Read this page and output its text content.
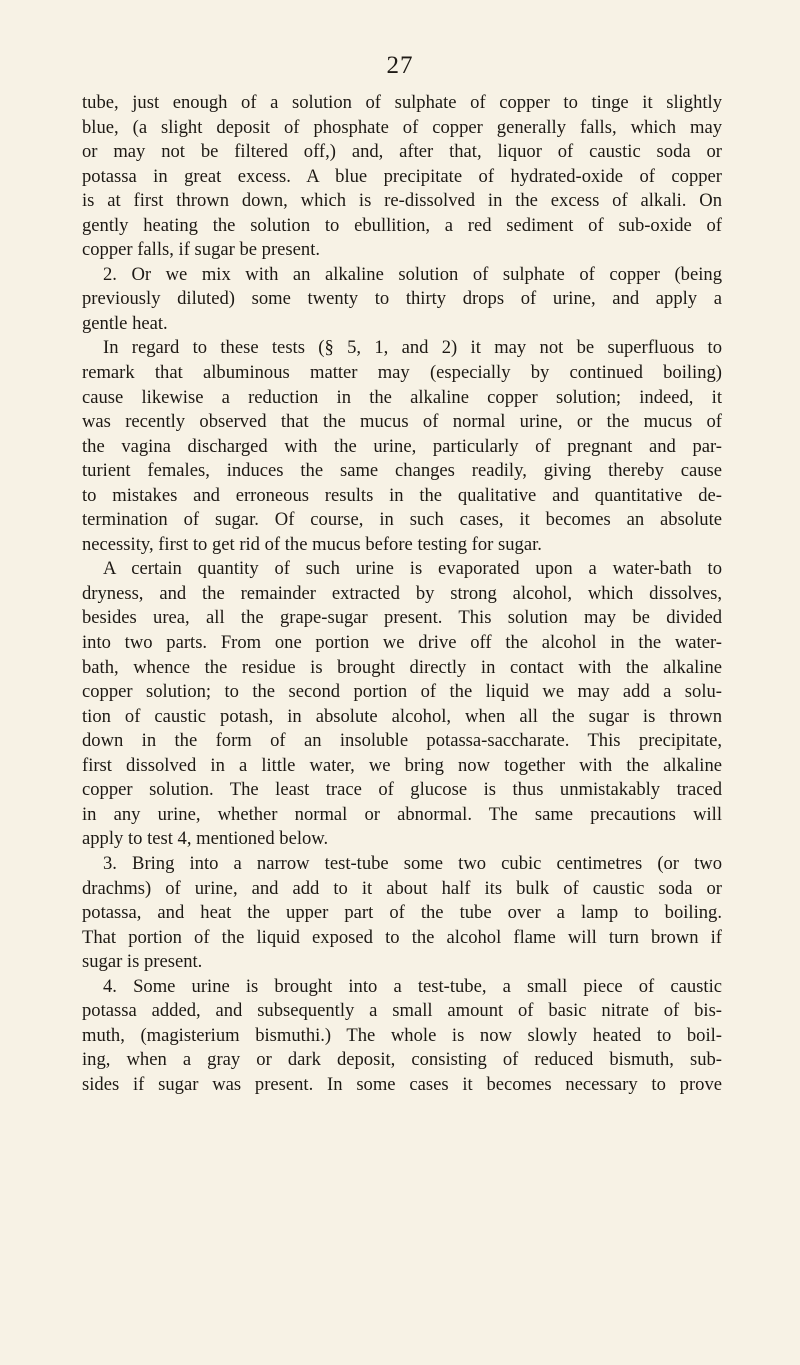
27

tube, just enough of a solution of sulphate of copper to tinge it slightly
blue, (a slight deposit of phosphate of copper generally falls, which may
or may not be filtered off,) and, after that, liquor of caustic soda or
potassa in great excess. A blue precipitate of hydrated-oxide of copper
is at first thrown down, which is re-dissolved in the excess of alkali. On
gently heating the solution to ebullition, a red sediment of sub-oxide of
copper falls, if sugar be present.

2. Or we mix with an alkaline solution of sulphate of copper (being
previously diluted) some twenty to thirty drops of urine, and apply a
gentle heat.

In regard to these tests (§ 5, 1, and 2) it may not be superfluous to
remark that albuminous matter may (especially by continued boiling)
cause likewise a reduction in the alkaline copper solution; indeed, it
was recently observed that the mucus of normal urine, or the mucus of
the vagina discharged with the urine, particularly of pregnant and par-
turient females, induces the same changes readily, giving thereby cause
to mistakes and erroneous results in the qualitative and quantitative de-
termination of sugar. Of course, in such cases, it becomes an absolute
necessity, first to get rid of the mucus before testing for sugar.

A certain quantity of such urine is evaporated upon a water-bath to
dryness, and the remainder extracted by strong alcohol, which dissolves,
besides urea, all the grape-sugar present. This solution may be divided
into two parts. From one portion we drive off the alcohol in the water-
bath, whence the residue is brought directly in contact with the alkaline
copper solution; to the second portion of the liquid we may add a solu-
tion of caustic potash, in absolute alcohol, when all the sugar is thrown
down in the form of an insoluble potassa-saccharate. This precipitate,
first dissolved in a little water, we bring now together with the alkaline
copper solution. The least trace of glucose is thus unmistakably traced
in any urine, whether normal or abnormal. The same precautions will
apply to test 4, mentioned below.

3. Bring into a narrow test-tube some two cubic centimetres (or two
drachms) of urine, and add to it about half its bulk of caustic soda or
potassa, and heat the upper part of the tube over a lamp to boiling.
That portion of the liquid exposed to the alcohol flame will turn brown if
sugar is present.

4. Some urine is brought into a test-tube, a small piece of caustic
potassa added, and subsequently a small amount of basic nitrate of bis-
muth, (magisterium bismuthi.) The whole is now slowly heated to boil-
ing, when a gray or dark deposit, consisting of reduced bismuth, sub-
sides if sugar was present. In some cases it becomes necessary to prove
